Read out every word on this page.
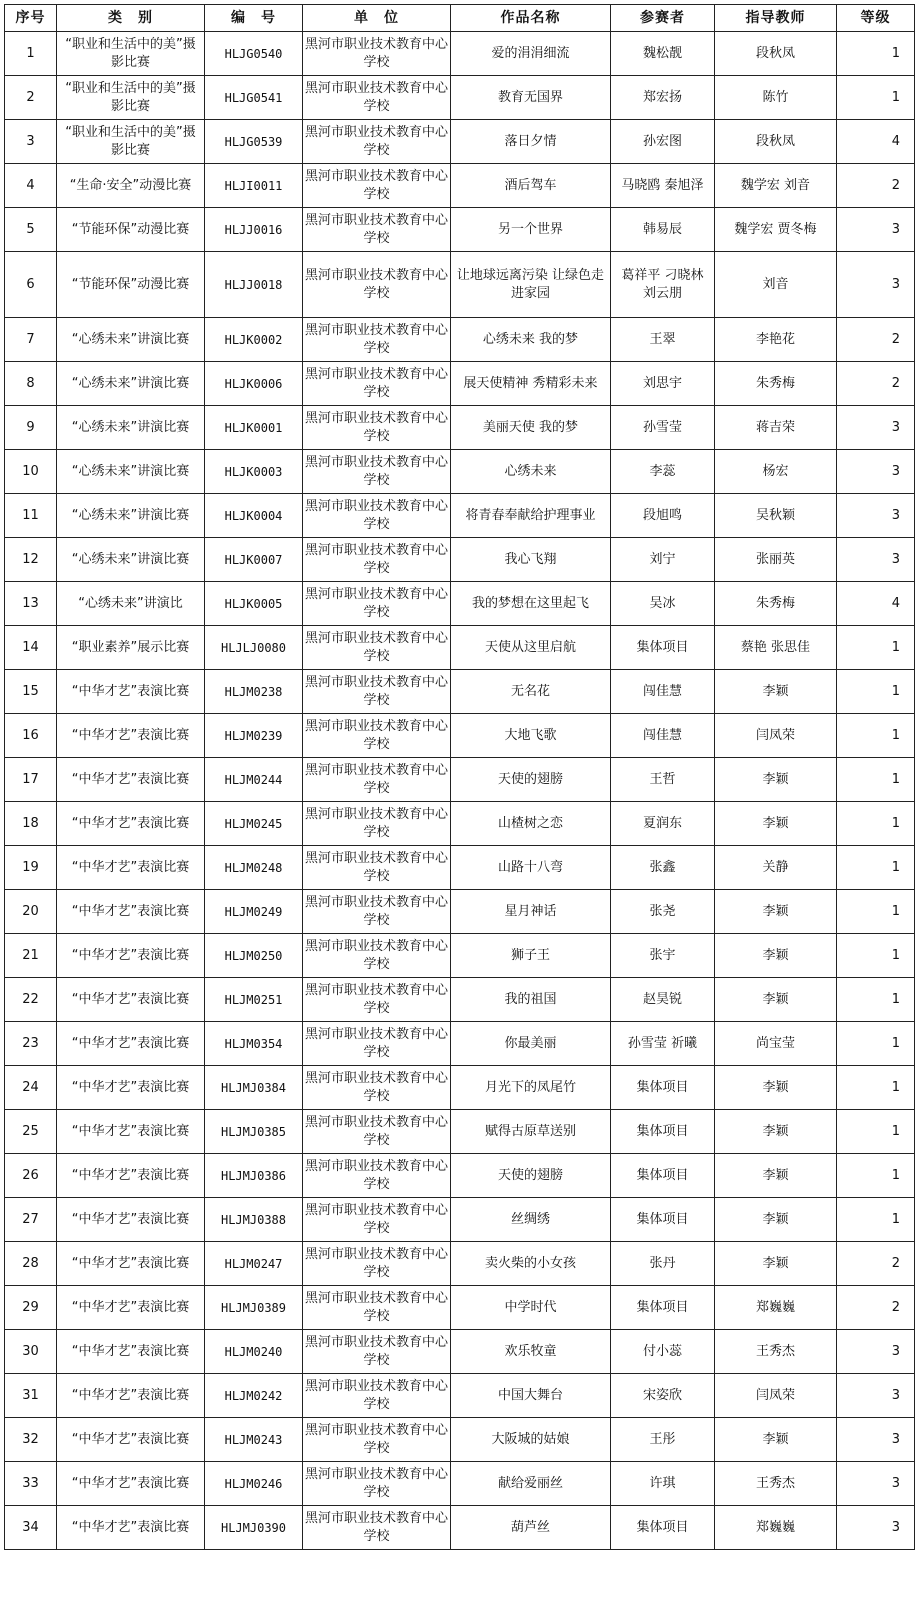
序号	类　别	编　号	单　位	作品名称	参赛者	指导教师	等级
1	“职业和生活中的美”摄影比赛	HLJG0540	黑河市职业技术教育中心学校	爱的涓涓细流	魏松靓	段秋凤	1
2	“职业和生活中的美”摄影比赛	HLJG0541	黑河市职业技术教育中心学校	教育无国界	郑宏扬	陈竹	1
3	“职业和生活中的美”摄影比赛	HLJG0539	黑河市职业技术教育中心学校	落日夕情	孙宏图	段秋凤	4
4	“生命·安全”动漫比赛	HLJI0011	黑河市职业技术教育中心学校	酒后驾车	马晓鸥 秦旭泽	魏学宏 刘音	2
5	“节能环保”动漫比赛	HLJJ0016	黑河市职业技术教育中心学校	另一个世界	韩易辰	魏学宏 贾冬梅	3
6	“节能环保”动漫比赛	HLJJ0018	黑河市职业技术教育中心学校	让地球远离污染 让绿色走进家园	葛祥平 刁晓林 刘云朋	刘音	3
7	“心绣未来”讲演比赛	HLJK0002	黑河市职业技术教育中心学校	心绣未来 我的梦	王翠	李艳花	2
8	“心绣未来”讲演比赛	HLJK0006	黑河市职业技术教育中心学校	展天使精神 秀精彩未来	刘思宇	朱秀梅	2
9	“心绣未来”讲演比赛	HLJK0001	黑河市职业技术教育中心学校	美丽天使 我的梦	孙雪莹	蒋吉荣	3
10	“心绣未来”讲演比赛	HLJK0003	黑河市职业技术教育中心学校	心绣未来	李蕊	杨宏	3
11	“心绣未来”讲演比赛	HLJK0004	黑河市职业技术教育中心学校	将青春奉献给护理事业	段旭鸣	吴秋颖	3
12	“心绣未来”讲演比赛	HLJK0007	黑河市职业技术教育中心学校	我心飞翔	刘宁	张丽英	3
13	“心绣未来”讲演比	HLJK0005	黑河市职业技术教育中心学校	我的梦想在这里起飞	吴冰	朱秀梅	4
14	“职业素养”展示比赛	HLJLJ0080	黑河市职业技术教育中心学校	天使从这里启航	集体项目	蔡艳 张思佳	1
15	“中华才艺”表演比赛	HLJM0238	黑河市职业技术教育中心学校	无名花	闯佳慧	李颖	1
16	“中华才艺”表演比赛	HLJM0239	黑河市职业技术教育中心学校	大地飞歌	闯佳慧	闫凤荣	1
17	“中华才艺”表演比赛	HLJM0244	黑河市职业技术教育中心学校	天使的翅膀	王哲	李颖	1
18	“中华才艺”表演比赛	HLJM0245	黑河市职业技术教育中心学校	山楂树之恋	夏润东	李颖	1
19	“中华才艺”表演比赛	HLJM0248	黑河市职业技术教育中心学校	山路十八弯	张鑫	关静	1
20	“中华才艺”表演比赛	HLJM0249	黑河市职业技术教育中心学校	星月神话	张尧	李颖	1
21	“中华才艺”表演比赛	HLJM0250	黑河市职业技术教育中心学校	狮子王	张宇	李颖	1
22	“中华才艺”表演比赛	HLJM0251	黑河市职业技术教育中心学校	我的祖国	赵昊锐	李颖	1
23	“中华才艺”表演比赛	HLJM0354	黑河市职业技术教育中心学校	你最美丽	孙雪莹 祈曦	尚宝莹	1
24	“中华才艺”表演比赛	HLJMJ0384	黑河市职业技术教育中心学校	月光下的凤尾竹	集体项目	李颖	1
25	“中华才艺”表演比赛	HLJMJ0385	黑河市职业技术教育中心学校	赋得古原草送别	集体项目	李颖	1
26	“中华才艺”表演比赛	HLJMJ0386	黑河市职业技术教育中心学校	天使的翅膀	集体项目	李颖	1
27	“中华才艺”表演比赛	HLJMJ0388	黑河市职业技术教育中心学校	丝绸绣	集体项目	李颖	1
28	“中华才艺”表演比赛	HLJM0247	黑河市职业技术教育中心学校	卖火柴的小女孩	张丹	李颖	2
29	“中华才艺”表演比赛	HLJMJ0389	黑河市职业技术教育中心学校	中学时代	集体项目	郑巍巍	2
30	“中华才艺”表演比赛	HLJM0240	黑河市职业技术教育中心学校	欢乐牧童	付小蕊	王秀杰	3
31	“中华才艺”表演比赛	HLJM0242	黑河市职业技术教育中心学校	中国大舞台	宋姿欣	闫凤荣	3
32	“中华才艺”表演比赛	HLJM0243	黑河市职业技术教育中心学校	大阪城的姑娘	王彤	李颖	3
33	“中华才艺”表演比赛	HLJM0246	黑河市职业技术教育中心学校	献给爱丽丝	许琪	王秀杰	3
34	“中华才艺”表演比赛	HLJMJ0390	黑河市职业技术教育中心学校	葫芦丝	集体项目	郑巍巍	3
